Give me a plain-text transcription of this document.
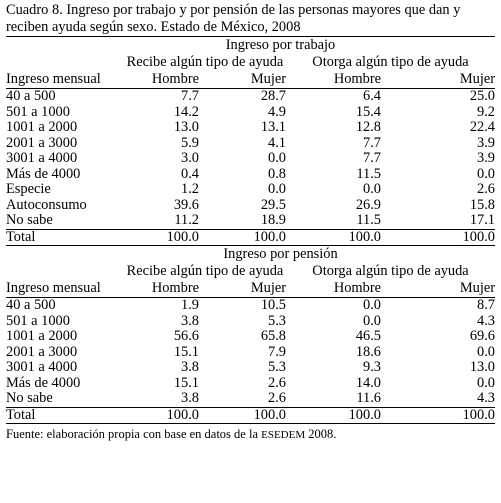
Cuadro 8. Ingreso por trabajo y por pensión de las personas mayores que dan y reciben ayuda según sexo. Estado de México, 2008
Ingreso por trabajo
Recibe algún tipo de ayuda	Otorga algún tipo de ayuda
Ingreso mensual	Hombre	Mujer	Hombre	Mujer
40 a 500	7.7	28.7	6.4	25.0
501 a 1000	14.2	4.9	15.4	9.2
1001 a 2000	13.0	13.1	12.8	22.4
2001 a 3000	5.9	4.1	7.7	3.9
3001 a 4000	3.0	0.0	7.7	3.9
Más de 4000	0.4	0.8	11.5	0.0
Especie	1.2	0.0	0.0	2.6
Autoconsumo	39.6	29.5	26.9	15.8
No sabe	11.2	18.9	11.5	17.1
Total	100.0	100.0	100.0	100.0
Ingreso por pensión
Recibe algún tipo de ayuda	Otorga algún tipo de ayuda
Ingreso mensual	Hombre	Mujer	Hombre	Mujer
40 a 500	1.9	10.5	0.0	8.7
501 a 1000	3.8	5.3	0.0	4.3
1001 a 2000	56.6	65.8	46.5	69.6
2001 a 3000	15.1	7.9	18.6	0.0
3001 a 4000	3.8	5.3	9.3	13.0
Más de 4000	15.1	2.6	14.0	0.0
No sabe	3.8	2.6	11.6	4.3
Total	100.0	100.0	100.0	100.0
Fuente: elaboración propia con base en datos de la ESEDEM 2008.
